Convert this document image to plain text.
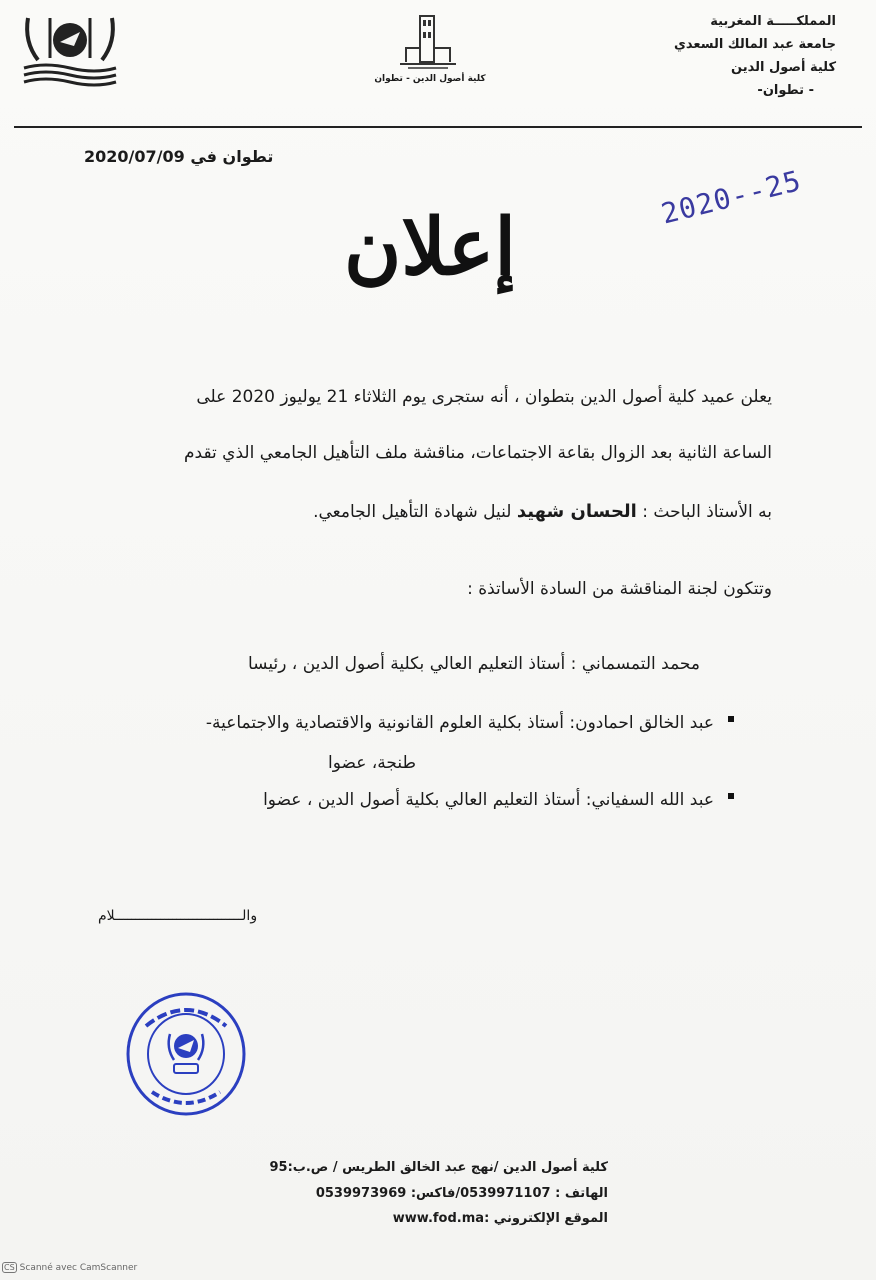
كلية أصول الدين - تطوان
المملكـــــة المغربية
جامعة عبد المالك السعدي
كلية أصول الدين
- تطوان-
تطوان في 2020/07/09
2020--25
إعلان
يعلن عميد كلية أصول الدين بتطوان ، أنه ستجرى يوم الثلاثاء 21 يوليوز 2020 على
الساعة الثانية بعد الزوال بقاعة الاجتماعات، مناقشة ملف التأهيل الجامعي الذي تقدم
به الأستاذ الباحث : الحسان شهيد لنيل شهادة التأهيل الجامعي.
وتتكون لجنة المناقشة من السادة الأساتذة :
محمد التمسماني : أستاذ التعليم العالي بكلية أصول الدين ، رئيسا
عبد الخالق احمادون: أستاذ بكلية العلوم القانونية والاقتصادية والاجتماعية-
طنجة، عضوا
عبد الله السفياني: أستاذ التعليم العالي بكلية أصول الدين ، عضوا
والـــــــــــــــــــــــــــــــلام
كلية أصول الدين /نهج عبد الخالق الطريس / ص.ب:95
الهاتف : 0539971107/فاكس: 0539973969
الموقع الإلكتروني :www.fod.ma
CS Scanné avec CamScanner
